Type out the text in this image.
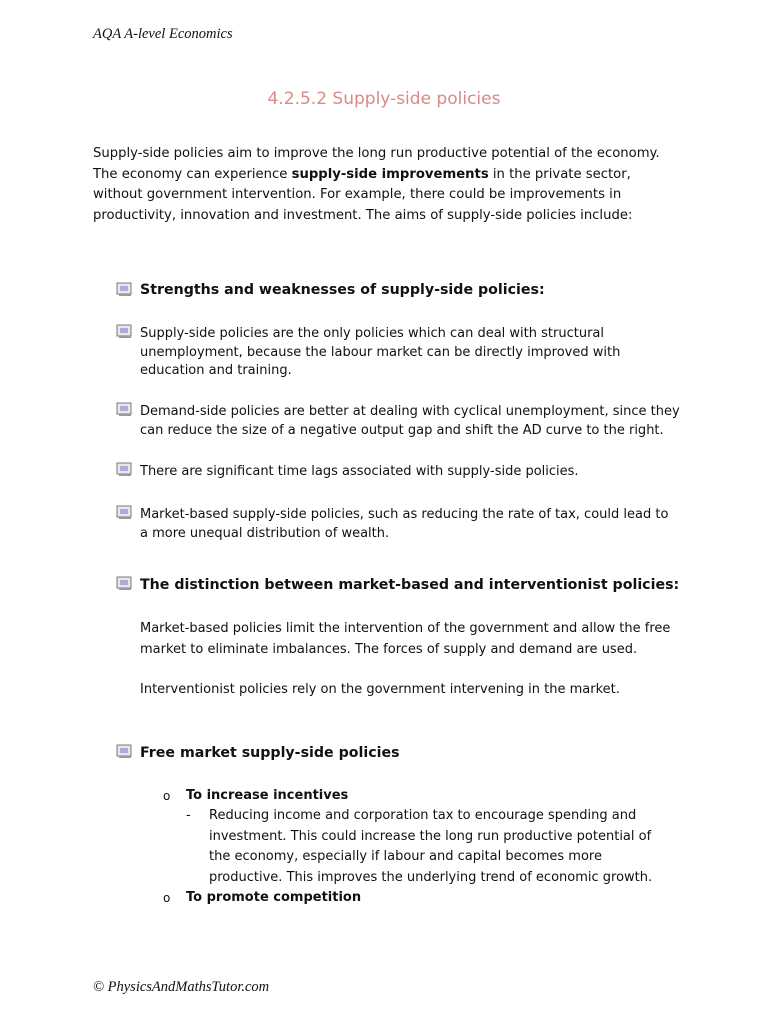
AQA A-level Economics
4.2.5.2 Supply-side policies
Supply-side policies aim to improve the long run productive potential of the economy. The economy can experience supply-side improvements in the private sector, without government intervention. For example, there could be improvements in productivity, innovation and investment. The aims of supply-side policies include:
Strengths and weaknesses of supply-side policies:
Supply-side policies are the only policies which can deal with structural unemployment, because the labour market can be directly improved with education and training.
Demand-side policies are better at dealing with cyclical unemployment, since they can reduce the size of a negative output gap and shift the AD curve to the right.
There are significant time lags associated with supply-side policies.
Market-based supply-side policies, such as reducing the rate of tax, could lead to a more unequal distribution of wealth.
The distinction between market-based and interventionist policies:
Market-based policies limit the intervention of the government and allow the free market to eliminate imbalances. The forces of supply and demand are used.
Interventionist policies rely on the government intervening in the market.
Free market supply-side policies
o To increase incentives
- Reducing income and corporation tax to encourage spending and investment. This could increase the long run productive potential of the economy, especially if labour and capital becomes more productive. This improves the underlying trend of economic growth.
o To promote competition
© PhysicsAndMathsTutor.com
